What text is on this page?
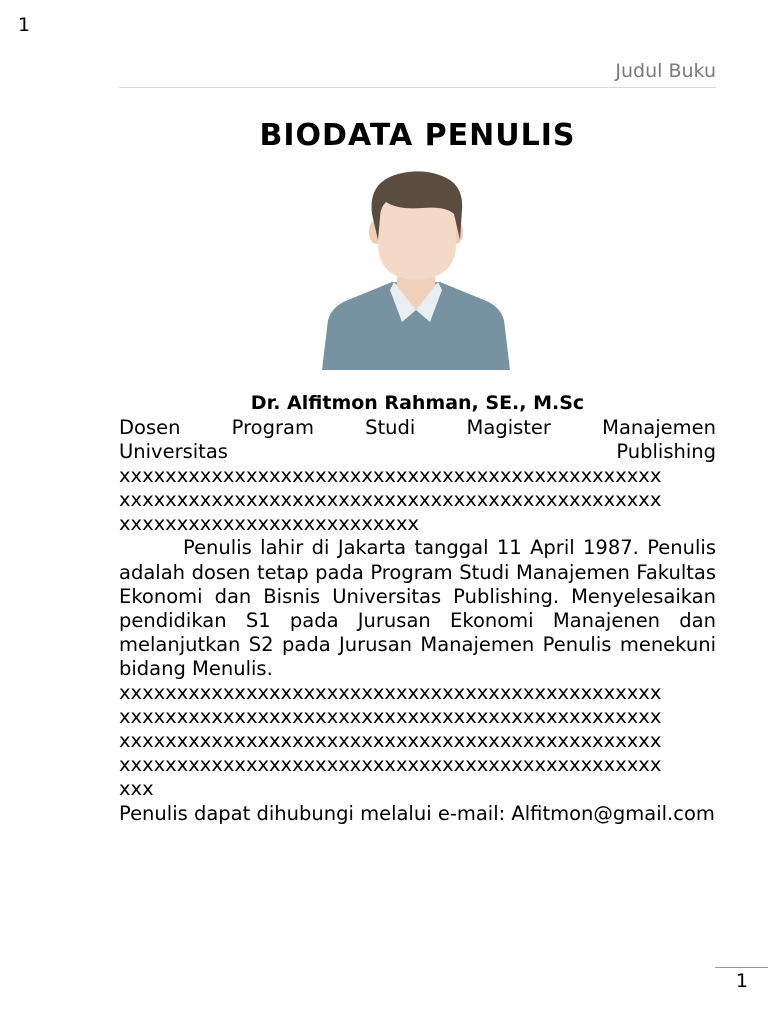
1
Judul Buku
BIODATA PENULIS
Dr. Alfitmon Rahman, SE., M.Sc

Dosen Program Studi Magister Manajemen

Universitas Publishing

xxxxxxxxxxxxxxxxxxxxxxxxxxxxxxxxxxxxxxxxxxxxxxx

xxxxxxxxxxxxxxxxxxxxxxxxxxxxxxxxxxxxxxxxxxxxxxx

xxxxxxxxxxxxxxxxxxxxxxxxxx

Penulis lahir di Jakarta tanggal 11 April 1987. Penulis adalah dosen tetap pada Program Studi Manajemen Fakultas Ekonomi dan Bisnis Universitas Publishing. Menyelesaikan pendidikan S1 pada Jurusan Ekonomi Manajenen dan melanjutkan S2 pada Jurusan Manajemen Penulis menekuni bidang Menulis.

xxxxxxxxxxxxxxxxxxxxxxxxxxxxxxxxxxxxxxxxxxxxxxx

xxxxxxxxxxxxxxxxxxxxxxxxxxxxxxxxxxxxxxxxxxxxxxx

xxxxxxxxxxxxxxxxxxxxxxxxxxxxxxxxxxxxxxxxxxxxxxx

xxxxxxxxxxxxxxxxxxxxxxxxxxxxxxxxxxxxxxxxxxxxxxx

xxx

Penulis dapat dihubungi melalui e-mail: Alfitmon@gmail.com

1
